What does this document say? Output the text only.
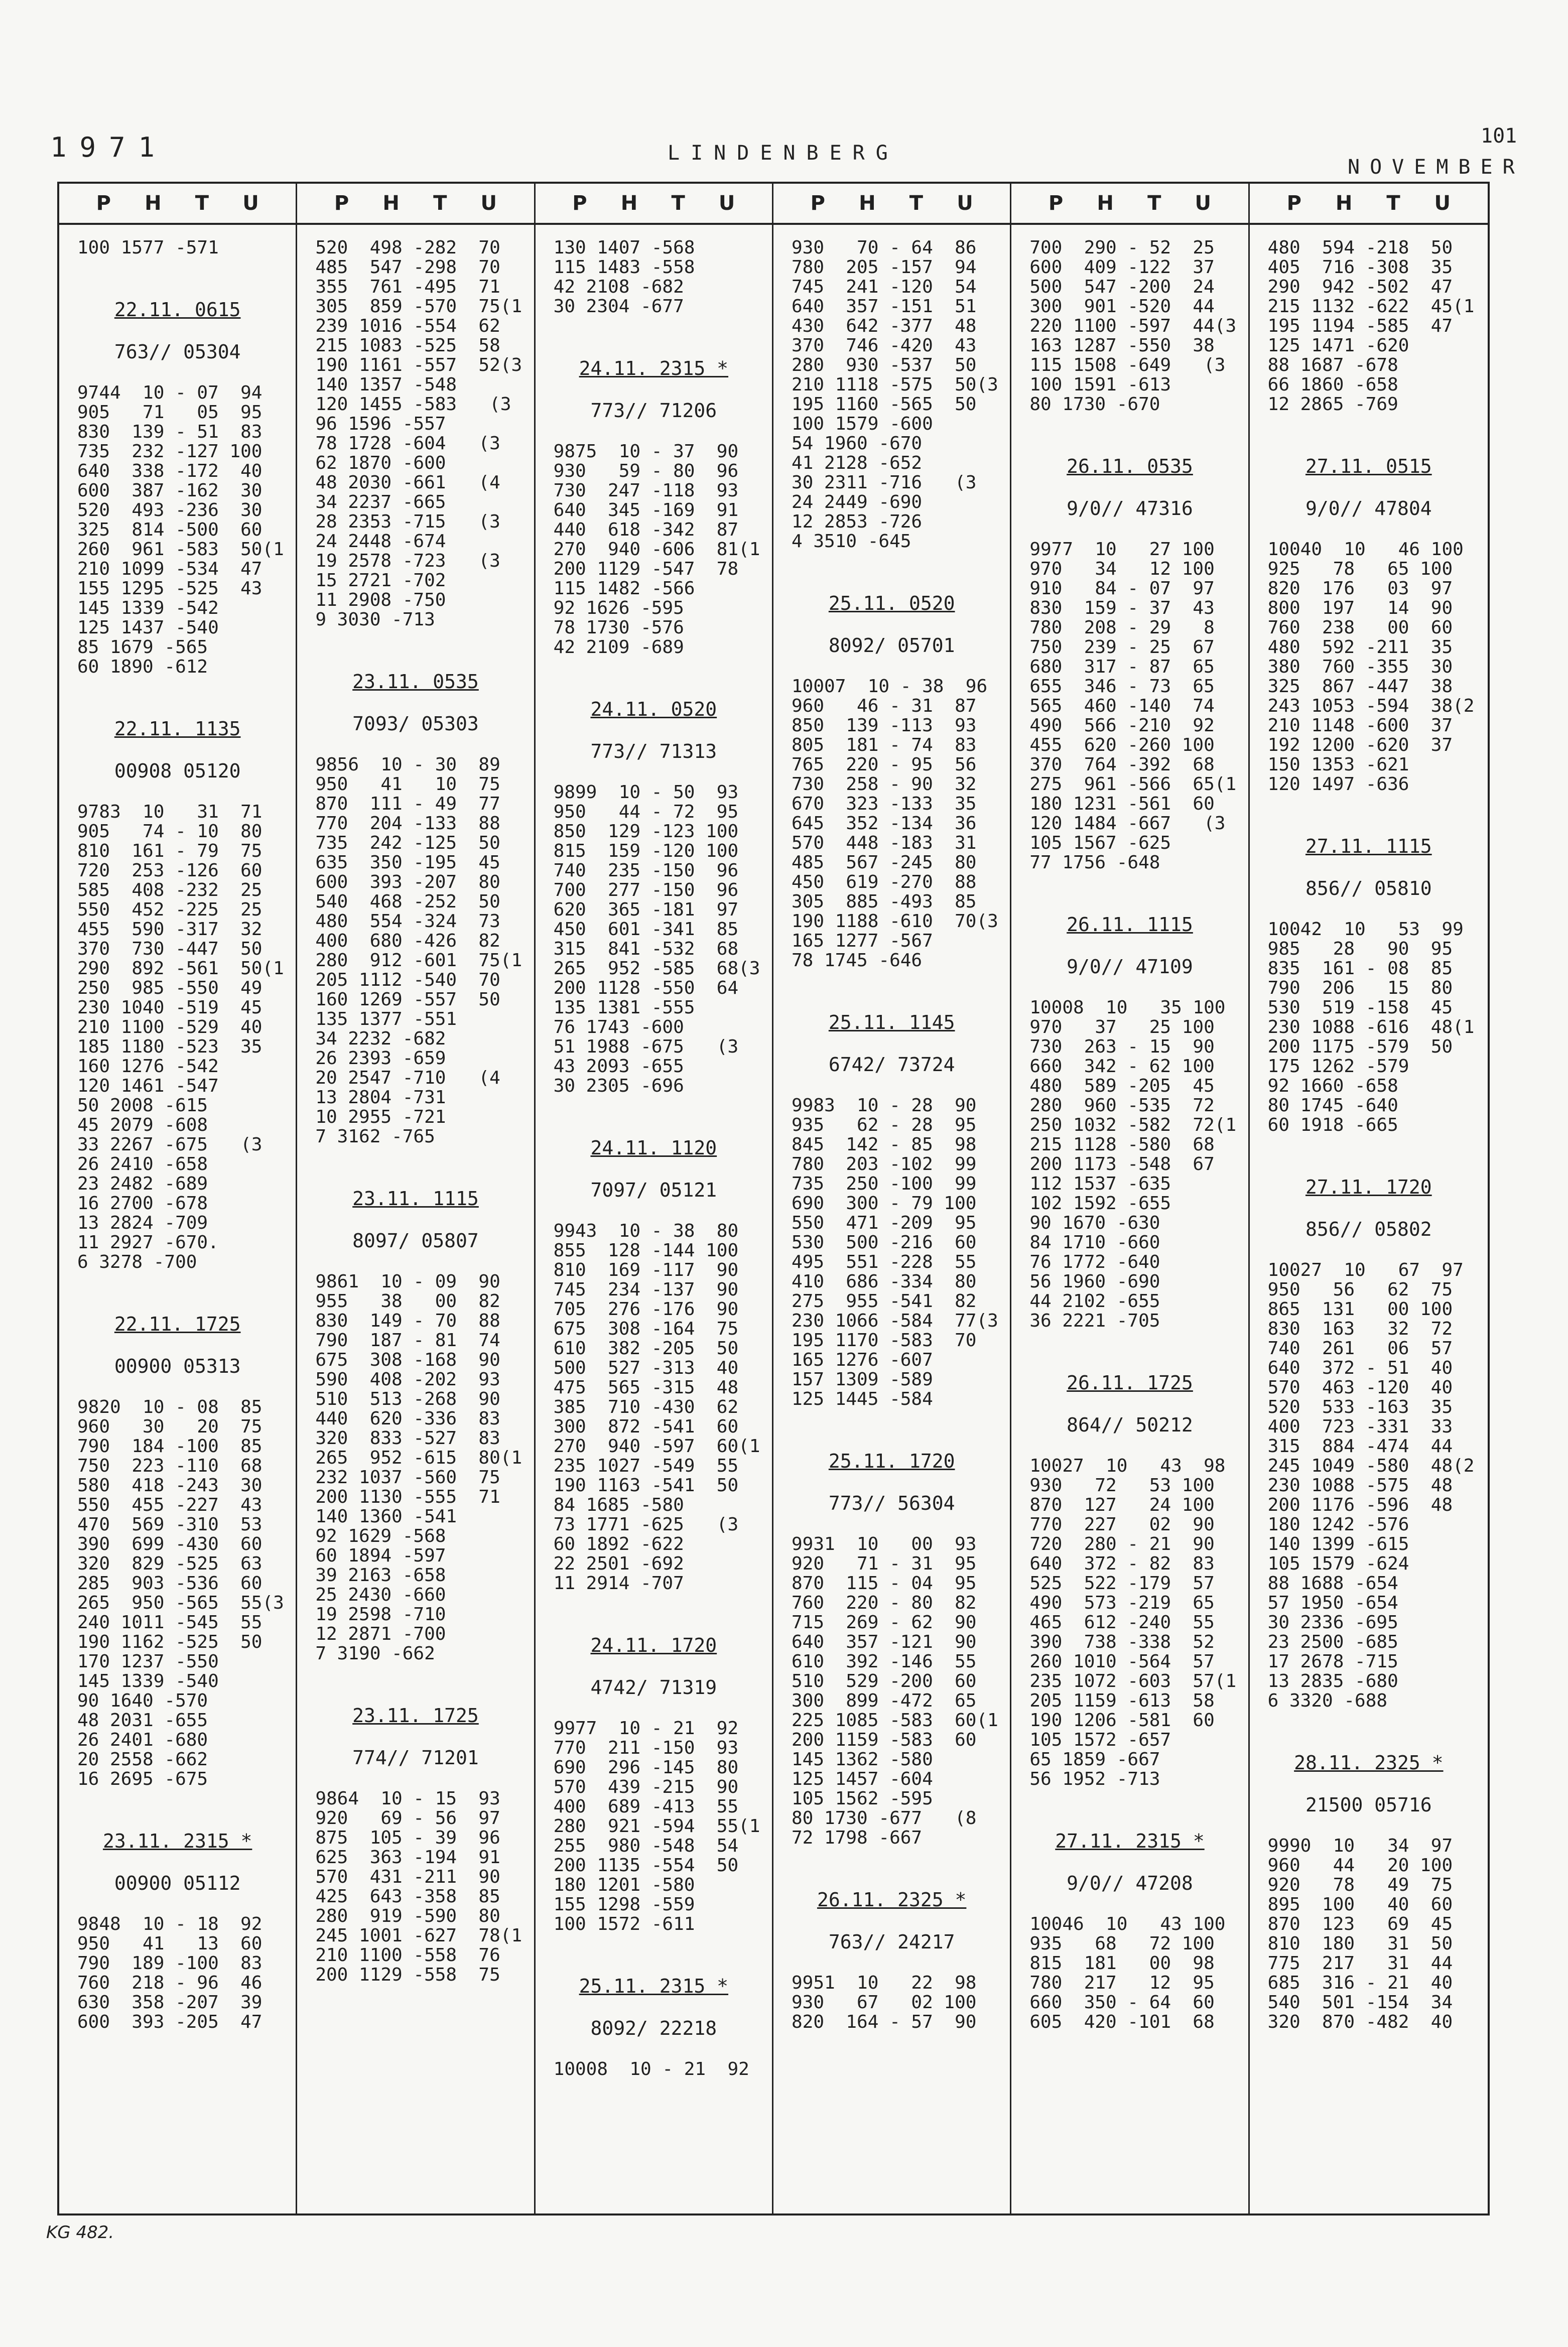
1971	LINDENBERG
NOVEMBER
101
P H T U
100 1577 -571
22.11. 0615
763// 05304
9744  10 - 07  94
905   71   05  95
830  139 - 51  83
735  232 -127 100
640  338 -172  40
600  387 -162  30
520  493 -236  30
325  814 -500  60
260  961 -583  50(1
210 1099 -534  47
155 1295 -525  43
145 1339 -542
125 1437 -540
85 1679 -565
60 1890 -612
22.11. 1135
00908 05120
9783  10   31  71
905   74 - 10  80
810  161 - 79  75
720  253 -126  60
585  408 -232  25
550  452 -225  25
455  590 -317  32
370  730 -447  50
290  892 -561  50(1
250  985 -550  49
230 1040 -519  45
210 1100 -529  40
185 1180 -523  35
160 1276 -542
120 1461 -547
50 2008 -615
45 2079 -608
33 2267 -675   (3
26 2410 -658
23 2482 -689
16 2700 -678
13 2824 -709
11 2927 -670.
6 3278 -700
22.11. 1725
00900 05313
9820  10 - 08  85
960   30   20  75
790  184 -100  85
750  223 -110  68
580  418 -243  30
550  455 -227  43
470  569 -310  53
390  699 -430  60
320  829 -525  63
285  903 -536  60
265  950 -565  55(3
240 1011 -545  55
190 1162 -525  50
170 1237 -550
145 1339 -540
90 1640 -570
48 2031 -655
26 2401 -680
20 2558 -662
16 2695 -675
23.11. 2315 *
00900 05112
9848  10 - 18  92
950   41   13  60
790  189 -100  83
760  218 - 96  46
630  358 -207  39
600  393 -205  47
P H T U
520  498 -282  70
485  547 -298  70
355  761 -495  71
305  859 -570  75(1
239 1016 -554  62
215 1083 -525  58
190 1161 -557  52(3
140 1357 -548
120 1455 -583   (3
96 1596 -557
78 1728 -604   (3
62 1870 -600
48 2030 -661   (4
34 2237 -665
28 2353 -715   (3
24 2448 -674
19 2578 -723   (3
15 2721 -702
11 2908 -750
9 3030 -713
23.11. 0535
7093/ 05303
9856  10 - 30  89
950   41   10  75
870  111 - 49  77
770  204 -133  88
735  242 -125  50
635  350 -195  45
600  393 -207  80
540  468 -252  50
480  554 -324  73
400  680 -426  82
280  912 -601  75(1
205 1112 -540  70
160 1269 -557  50
135 1377 -551
34 2232 -682
26 2393 -659
20 2547 -710   (4
13 2804 -731
10 2955 -721
7 3162 -765
23.11. 1115
8097/ 05807
9861  10 - 09  90
955   38   00  82
830  149 - 70  88
790  187 - 81  74
675  308 -168  90
590  408 -202  93
510  513 -268  90
440  620 -336  83
320  833 -527  83
265  952 -615  80(1
232 1037 -560  75
200 1130 -555  71
140 1360 -541
92 1629 -568
60 1894 -597
39 2163 -658
25 2430 -660
19 2598 -710
12 2871 -700
7 3190 -662
23.11. 1725
774// 71201
9864  10 - 15  93
920   69 - 56  97
875  105 - 39  96
625  363 -194  91
570  431 -211  90
425  643 -358  85
280  919 -590  80
245 1001 -627  78(1
210 1100 -558  76
200 1129 -558  75
P H T U
130 1407 -568
115 1483 -558
42 2108 -682
30 2304 -677
24.11. 2315 *
773// 71206
9875  10 - 37  90
930   59 - 80  96
730  247 -118  93
640  345 -169  91
440  618 -342  87
270  940 -606  81(1
200 1129 -547  78
115 1482 -566
92 1626 -595
78 1730 -576
42 2109 -689
24.11. 0520
773// 71313
9899  10 - 50  93
950   44 - 72  95
850  129 -123 100
815  159 -120 100
740  235 -150  96
700  277 -150  96
620  365 -181  97
450  601 -341  85
315  841 -532  68
265  952 -585  68(3
200 1128 -550  64
135 1381 -555
76 1743 -600
51 1988 -675   (3
43 2093 -655
30 2305 -696
24.11. 1120
7097/ 05121
9943  10 - 38  80
855  128 -144 100
810  169 -117  90
745  234 -137  90
705  276 -176  90
675  308 -164  75
610  382 -205  50
500  527 -313  40
475  565 -315  48
385  710 -430  62
300  872 -541  60
270  940 -597  60(1
235 1027 -549  55
190 1163 -541  50
84 1685 -580
73 1771 -625   (3
60 1892 -622
22 2501 -692
11 2914 -707
24.11. 1720
4742/ 71319
9977  10 - 21  92
770  211 -150  93
690  296 -145  80
570  439 -215  90
400  689 -413  55
280  921 -594  55(1
255  980 -548  54
200 1135 -554  50
180 1201 -580
155 1298 -559
100 1572 -611
25.11. 2315 *
8092/ 22218
10008  10 - 21  92
P H T U
930   70 - 64  86
780  205 -157  94
745  241 -120  54
640  357 -151  51
430  642 -377  48
370  746 -420  43
280  930 -537  50
210 1118 -575  50(3
195 1160 -565  50
100 1579 -600
54 1960 -670
41 2128 -652
30 2311 -716   (3
24 2449 -690
12 2853 -726
4 3510 -645
25.11. 0520
8092/ 05701
10007  10 - 38  96
960   46 - 31  87
850  139 -113  93
805  181 - 74  83
765  220 - 95  56
730  258 - 90  32
670  323 -133  35
645  352 -134  36
570  448 -183  31
485  567 -245  80
450  619 -270  88
305  885 -493  85
190 1188 -610  70(3
165 1277 -567
78 1745 -646
25.11. 1145
6742/ 73724
9983  10 - 28  90
935   62 - 28  95
845  142 - 85  98
780  203 -102  99
735  250 -100  99
690  300 - 79 100
550  471 -209  95
530  500 -216  60
495  551 -228  55
410  686 -334  80
275  955 -541  82
230 1066 -584  77(3
195 1170 -583  70
165 1276 -607
157 1309 -589
125 1445 -584
25.11. 1720
773// 56304
9931  10   00  93
920   71 - 31  95
870  115 - 04  95
760  220 - 80  82
715  269 - 62  90
640  357 -121  90
610  392 -146  55
510  529 -200  60
300  899 -472  65
225 1085 -583  60(1
200 1159 -583  60
145 1362 -580
125 1457 -604
105 1562 -595
80 1730 -677   (8
72 1798 -667
26.11. 2325 *
763// 24217
9951  10   22  98
930   67   02 100
820  164 - 57  90
P H T U
700  290 - 52  25
600  409 -122  37
500  547 -200  24
300  901 -520  44
220 1100 -597  44(3
163 1287 -550  38
115 1508 -649   (3
100 1591 -613
80 1730 -670
26.11. 0535
9/0// 47316
9977  10   27 100
970   34   12 100
910   84 - 07  97
830  159 - 37  43
780  208 - 29   8
750  239 - 25  67
680  317 - 87  65
655  346 - 73  65
565  460 -140  74
490  566 -210  92
455  620 -260 100
370  764 -392  68
275  961 -566  65(1
180 1231 -561  60
120 1484 -667   (3
105 1567 -625
77 1756 -648
26.11. 1115
9/0// 47109
10008  10   35 100
970   37   25 100
730  263 - 15  90
660  342 - 62 100
480  589 -205  45
280  960 -535  72
250 1032 -582  72(1
215 1128 -580  68
200 1173 -548  67
112 1537 -635
102 1592 -655
90 1670 -630
84 1710 -660
76 1772 -640
56 1960 -690
44 2102 -655
36 2221 -705
26.11. 1725
864// 50212
10027  10   43  98
930   72   53 100
870  127   24 100
770  227   02  90
720  280 - 21  90
640  372 - 82  83
525  522 -179  57
490  573 -219  65
465  612 -240  55
390  738 -338  52
260 1010 -564  57
235 1072 -603  57(1
205 1159 -613  58
190 1206 -581  60
105 1572 -657
65 1859 -667
56 1952 -713
27.11. 2315 *
9/0// 47208
10046  10   43 100
935   68   72 100
815  181   00  98
780  217   12  95
660  350 - 64  60
605  420 -101  68
P H T U
480  594 -218  50
405  716 -308  35
290  942 -502  47
215 1132 -622  45(1
195 1194 -585  47
125 1471 -620
88 1687 -678
66 1860 -658
12 2865 -769
27.11. 0515
9/0// 47804
10040  10   46 100
925   78   65 100
820  176   03  97
800  197   14  90
760  238   00  60
480  592 -211  35
380  760 -355  30
325  867 -447  38
243 1053 -594  38(2
210 1148 -600  37
192 1200 -620  37
150 1353 -621
120 1497 -636
27.11. 1115
856// 05810
10042  10   53  99
985   28   90  95
835  161 - 08  85
790  206   15  80
530  519 -158  45
230 1088 -616  48(1
200 1175 -579  50
175 1262 -579
92 1660 -658
80 1745 -640
60 1918 -665
27.11. 1720
856// 05802
10027  10   67  97
950   56   62  75
865  131   00 100
830  163   32  72
740  261   06  57
640  372 - 51  40
570  463 -120  40
520  533 -163  35
400  723 -331  33
315  884 -474  44
245 1049 -580  48(2
230 1088 -575  48
200 1176 -596  48
180 1242 -576
140 1399 -615
105 1579 -624
88 1688 -654
57 1950 -654
30 2336 -695
23 2500 -685
17 2678 -715
13 2835 -680
6 3320 -688
28.11. 2325 *
21500 05716
9990  10   34  97
960   44   20 100
920   78   49  75
895  100   40  60
870  123   69  45
810  180   31  50
775  217   31  44
685  316 - 21  40
540  501 -154  34
320  870 -482  40
KG 482.
